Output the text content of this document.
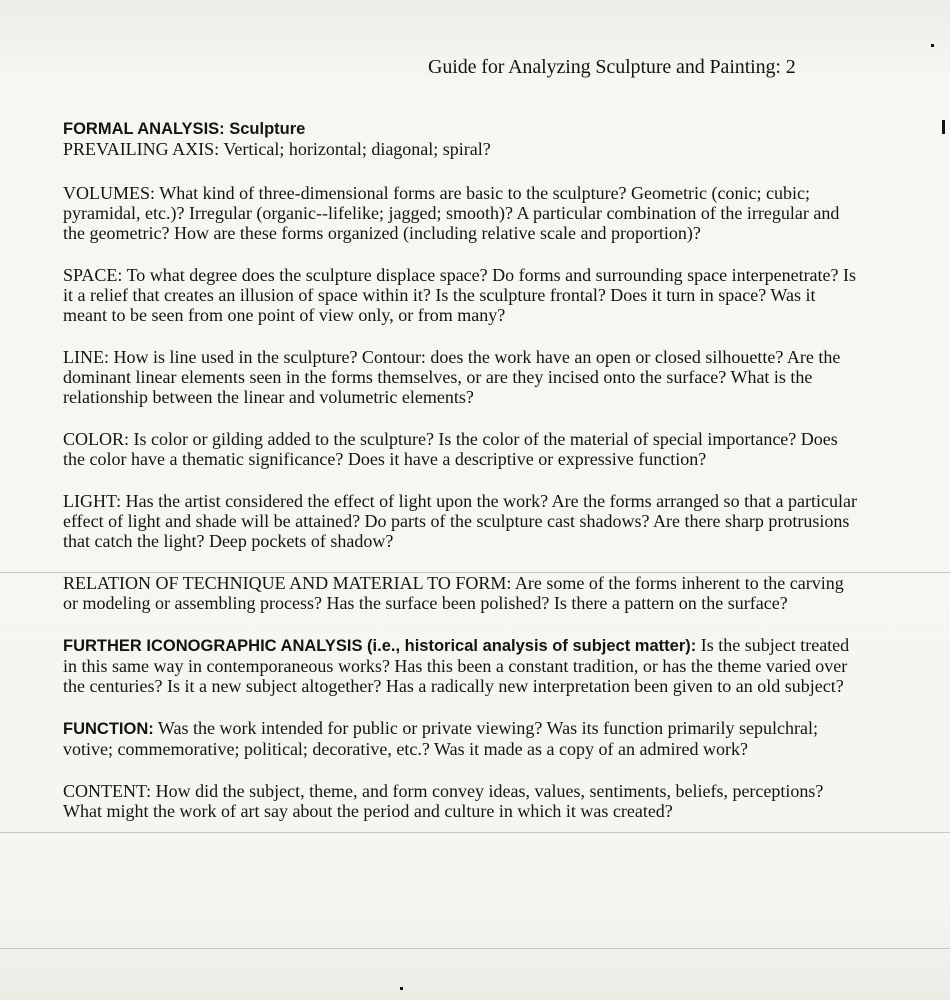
Guide for Analyzing Sculpture and Painting: 2

FORMAL ANALYSIS: Sculpture

PREVAILING AXIS: Vertical; horizontal; diagonal; spiral?

VOLUMES: What kind of three-dimensional forms are basic to the sculpture? Geometric (conic; cubic; pyramidal, etc.)? Irregular (organic--lifelike; jagged; smooth)? A particular combination of the irregular and the geometric? How are these forms organized (including relative scale and proportion)?

SPACE: To what degree does the sculpture displace space? Do forms and surrounding space interpenetrate? Is it a relief that creates an illusion of space within it? Is the sculpture frontal? Does it turn in space? Was it meant to be seen from one point of view only, or from many?

LINE: How is line used in the sculpture? Contour: does the work have an open or closed silhouette? Are the dominant linear elements seen in the forms themselves, or are they incised onto the surface? What is the relationship between the linear and volumetric elements?

COLOR: Is color or gilding added to the sculpture? Is the color of the material of special importance? Does the color have a thematic significance? Does it have a descriptive or expressive function?

LIGHT: Has the artist considered the effect of light upon the work? Are the forms arranged so that a particular effect of light and shade will be attained? Do parts of the sculpture cast shadows? Are there sharp protrusions that catch the light? Deep pockets of shadow?

RELATION OF TECHNIQUE AND MATERIAL TO FORM: Are some of the forms inherent to the carving or modeling or assembling process? Has the surface been polished? Is there a pattern on the surface?

FURTHER ICONOGRAPHIC ANALYSIS (i.e., historical analysis of subject matter): Is the subject treated in this same way in contemporaneous works? Has this been a constant tradition, or has the theme varied over the centuries? Is it a new subject altogether? Has a radically new interpretation been given to an old subject?

FUNCTION: Was the work intended for public or private viewing? Was its function primarily sepulchral; votive; commemorative; political; decorative, etc.? Was it made as a copy of an admired work?

CONTENT: How did the subject, theme, and form convey ideas, values, sentiments, beliefs, perceptions? What might the work of art say about the period and culture in which it was created?
